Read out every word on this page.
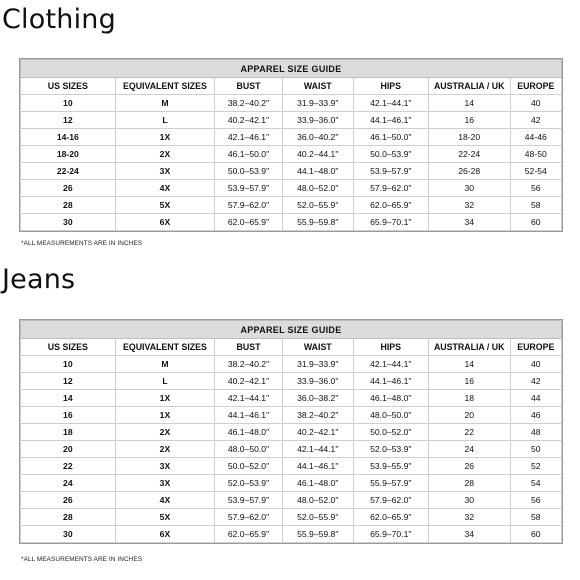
Clothing
APPAREL SIZE GUIDE						
US SIZES	EQUIVALENT SIZES	BUST	WAIST	HIPS	AUSTRALIA / UK	EUROPE
10	M	38.2–40.2"	31.9–33.9"	42.1–44.1"	14	40
12	L	40.2–42.1"	33.9–36.0"	44.1–46.1"	16	42
14-16	1X	42.1–46.1"	36.0–40.2"	46.1–50.0"	18-20	44-46
18-20	2X	46.1–50.0"	40.2–44.1"	50.0–53.9"	22-24	48-50
22-24	3X	50.0–53.9"	44.1–48.0"	53.9–57.9"	26-28	52-54
26	4X	53.9–57.9"	48.0–52.0"	57.9–62.0"	30	56
28	5X	57.9–62.0"	52.0–55.9"	62.0–65.9"	32	58
30	6X	62.0–65.9"	55.9–59.8"	65.9–70.1"	34	60
*ALL MEASUREMENTS ARE IN INCHES
Jeans
APPAREL SIZE GUIDE						
US SIZES	EQUIVALENT SIZES	BUST	WAIST	HIPS	AUSTRALIA / UK	EUROPE
10	M	38.2–40.2"	31.9–33.9"	42.1–44.1"	14	40
12	L	40.2–42.1"	33.9–36.0"	44.1–46.1"	16	42
14	1X	42.1–44.1"	36.0–38.2"	46.1–48.0"	18	44
16	1X	44.1–46.1"	38.2–40.2"	48.0–50.0"	20	46
18	2X	46.1–48.0"	40.2–42.1"	50.0–52.0"	22	48
20	2X	48.0–50.0"	42.1–44.1"	52.0–53.9"	24	50
22	3X	50.0–52.0"	44.1–46.1"	53.9–55.9"	26	52
24	3X	52.0–53.9"	46.1–48.0"	55.9–57.9"	28	54
26	4X	53.9–57.9"	48.0–52.0"	57.9–62.0"	30	56
28	5X	57.9–62.0"	52.0–55.9"	62.0–65.9"	32	58
30	6X	62.0–65.9"	55.9–59.8"	65.9–70.1"	34	60
*ALL MEASUREMENTS ARE IN INCHES
